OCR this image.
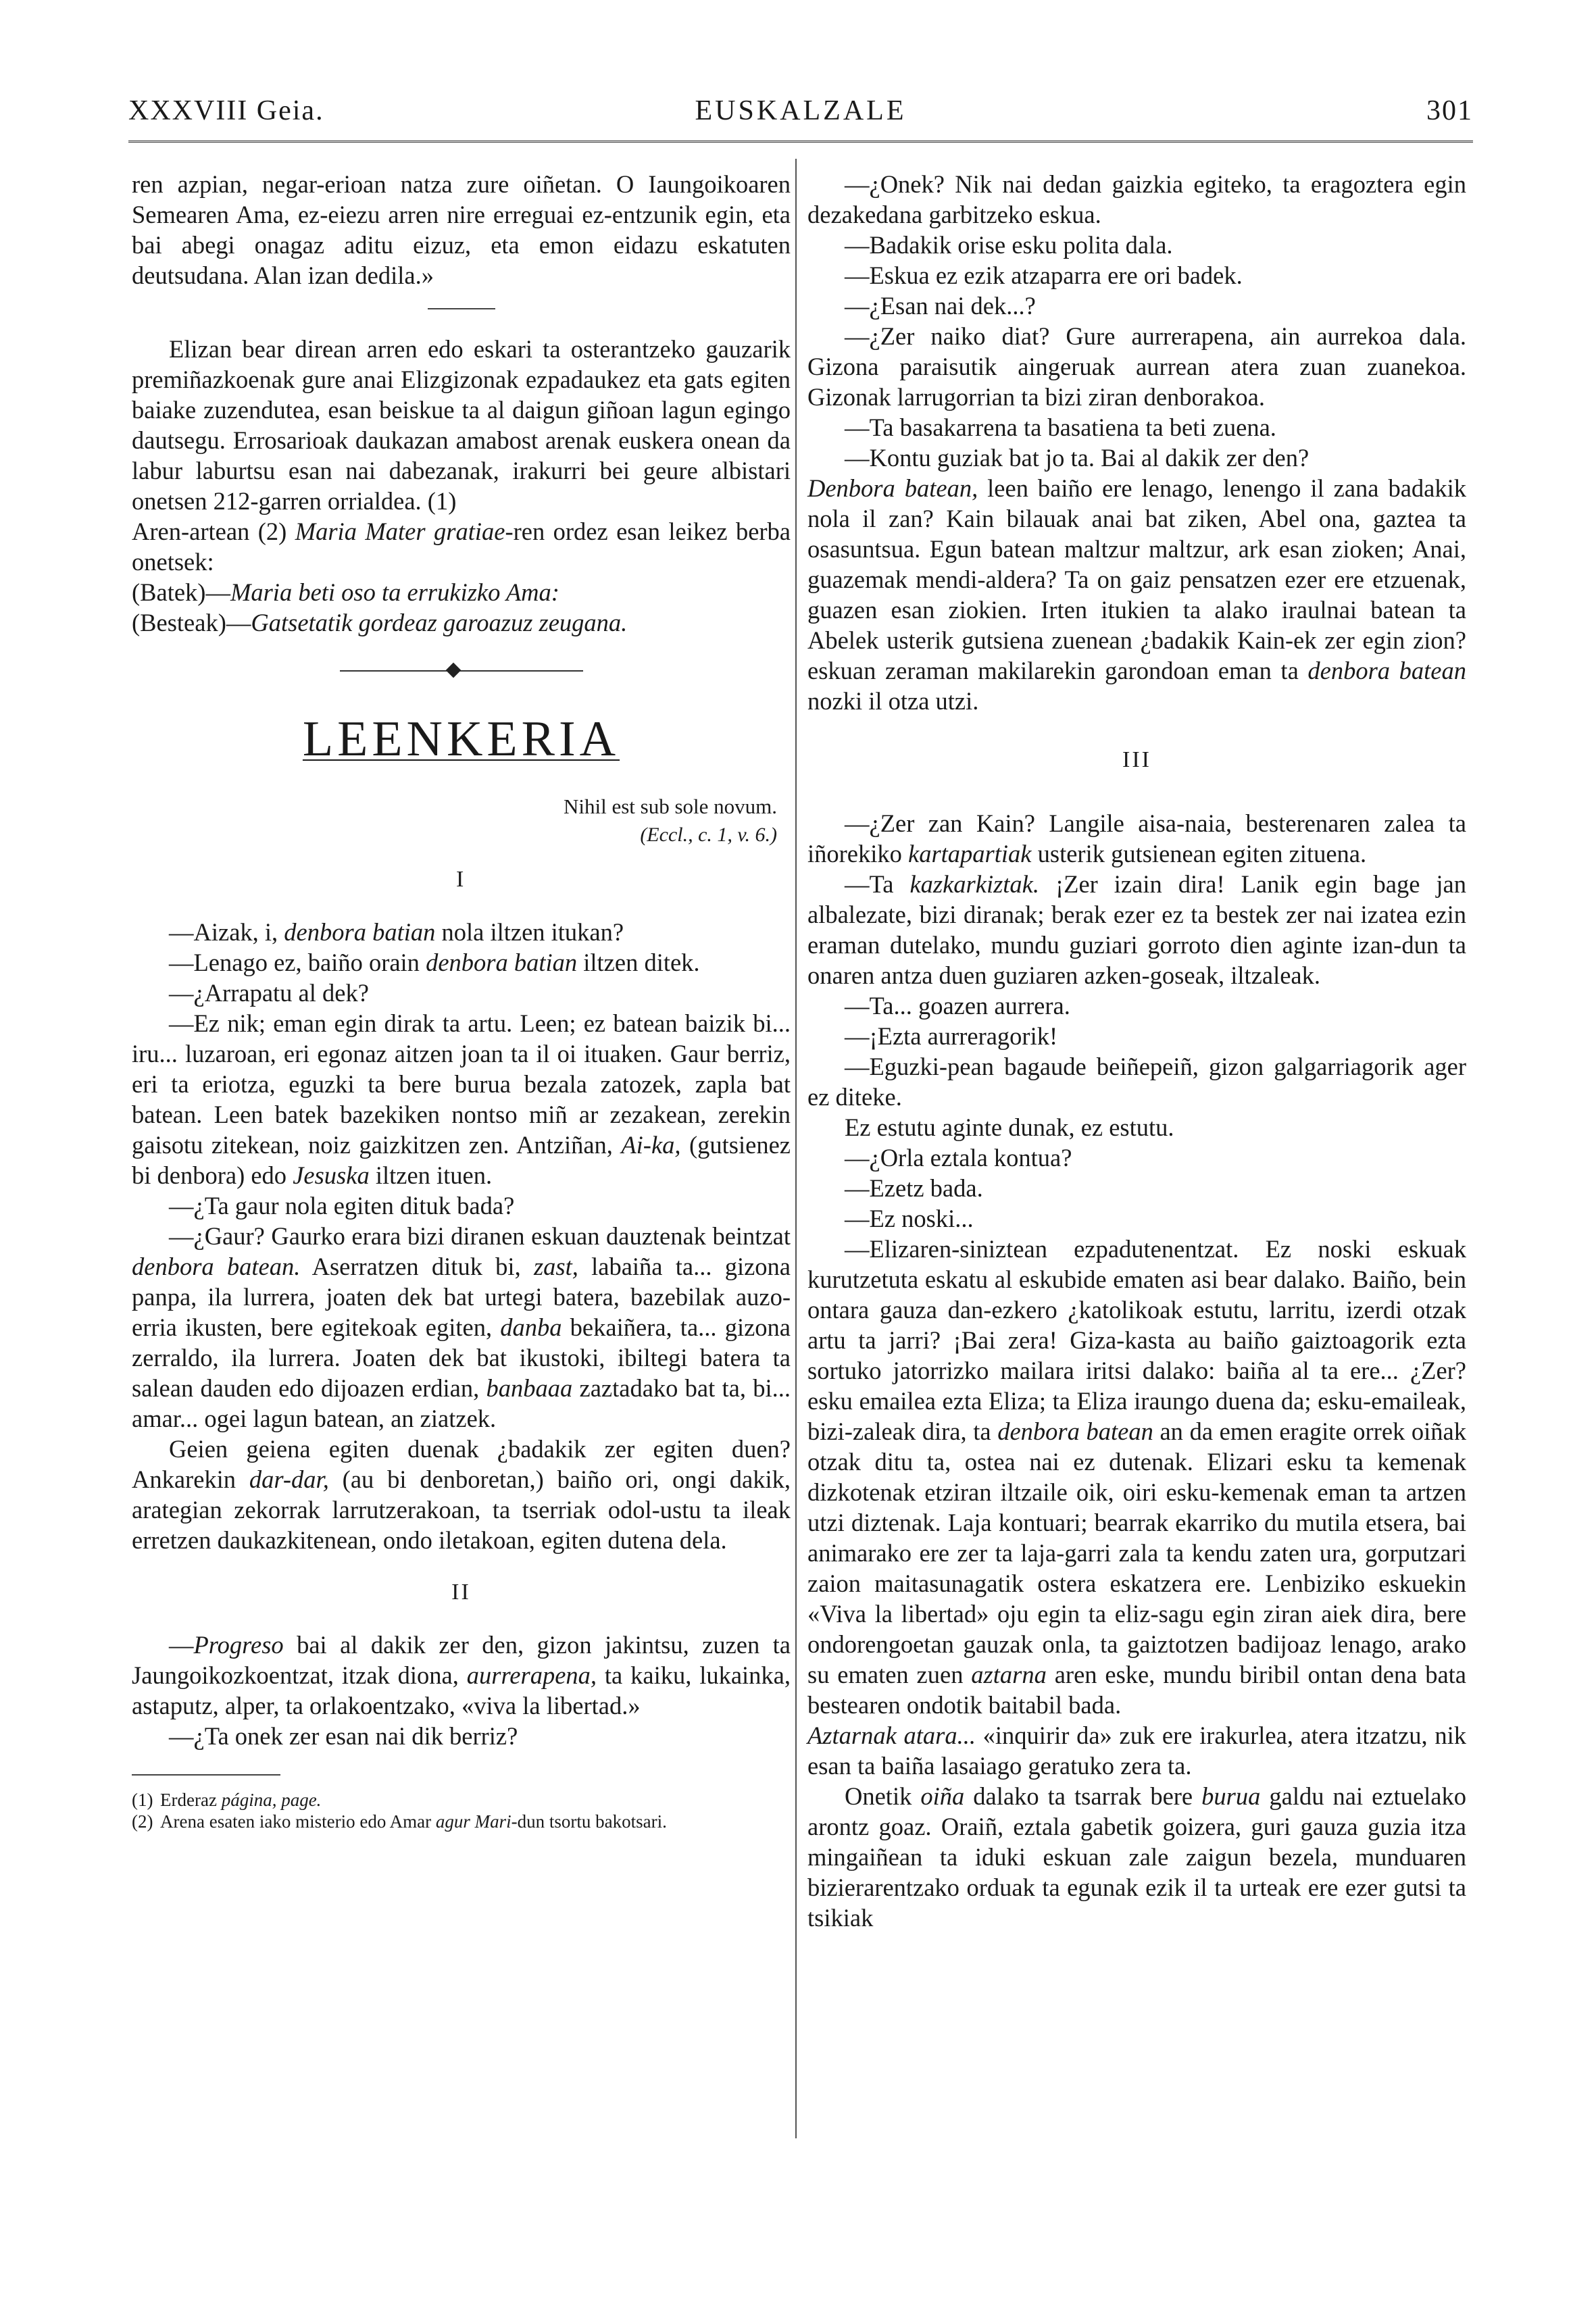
XXXVIII Geia.	EUSKALZALE	301

ren azpian, negar-erioan natza zure oiñetan. O Iaungoikoaren Semearen Ama, ez-eiezu arren nire erreguai ez-entzunik egin, eta bai abegi onagaz aditu eizuz, eta emon eidazu eskatuten deutsudana. Alan izan dedila.»

Elizan bear direan arren edo eskari ta osterantzeko gauzarik premiñazkoenak gure anai Elizgizonak ezpadaukez eta gats egiten baiake zuzendutea, esan beiskue ta al daigun giñoan lagun egingo dautsegu. Errosarioak daukazan amabost arenak euskera onean da labur laburtsu esan nai dabezanak, irakurri bei geure albistari onetsen 212-garren orrialdea. (1)

Aren-artean (2) Maria Mater gratiae-ren ordez esan leikez berba onetsek:

(Batek)—Maria beti oso ta errukizko Ama:

(Besteak)—Gatsetatik gordeaz garoazuz zeugana.

LEENKERIA
Nihil est sub sole novum.
(Eccl., c. 1, v. 6.)
I

—Aizak, i, denbora batian nola iltzen itukan?

—Lenago ez, baiño orain denbora batian iltzen ditek.

—¿Arrapatu al dek?

—Ez nik; eman egin dirak ta artu. Leen; ez batean baizik bi... iru... luzaroan, eri egonaz aitzen joan ta il oi ituaken. Gaur berriz, eri ta eriotza, eguzki ta bere burua bezala zatozek, zapla bat batean. Leen batek bazekiken nontso miñ ar zezakean, zerekin gaisotu zitekean, noiz gaizkitzen zen. Antziñan, Ai-ka, (gutsienez bi denbora) edo Jesuska iltzen ituen.

—¿Ta gaur nola egiten dituk bada?

—¿Gaur? Gaurko erara bizi diranen eskuan dauztenak beintzat denbora batean. Aserratzen dituk bi, zast, labaiña ta... gizona panpa, ila lurrera, joaten dek bat urtegi batera, bazebilak auzo-erria ikusten, bere egitekoak egiten, danba bekaiñera, ta... gizona zerraldo, ila lurrera. Joaten dek bat ikustoki, ibiltegi batera ta salean dauden edo dijoazen erdian, banbaaa zaztadako bat ta, bi... amar... ogei lagun batean, an ziatzek.

Geien geiena egiten duenak ¿badakik zer egiten duen? Ankarekin dar-dar, (au bi denboretan,) baiño ori, ongi dakik, arategian zekorrak larrutzerakoan, ta tserriak odol-ustu ta ileak erretzen daukazkitenean, ondo iletakoan, egiten dutena dela.

II

—Progreso bai al dakik zer den, gizon jakintsu, zuzen ta Jaungoikozkoentzat, itzak diona, aurrerapena, ta kaiku, lukainka, astaputz, alper, ta orlakoentzako, «viva la libertad.»

—¿Ta onek zer esan nai dik berriz?

(1) Erderaz página, page.

(2) Arena esaten iako misterio edo Amar agur Mari-dun tsortu bakotsari.

—¿Onek? Nik nai dedan gaizkia egiteko, ta eragoztera egin dezakedana garbitzeko eskua.

—Badakik orise esku polita dala.

—Eskua ez ezik atzaparra ere ori badek.

—¿Esan nai dek...?

—¿Zer naiko diat? Gure aurrerapena, ain aurrekoa dala. Gizona paraisutik aingeruak aurrean atera zuan zuanekoa. Gizonak larrugorrian ta bizi ziran denborakoa.

—Ta basakarrena ta basatiena ta beti zuena.

—Kontu guziak bat jo ta. Bai al dakik zer den?

Denbora batean, leen baiño ere lenago, lenengo il zana badakik nola il zan? Kain bilauak anai bat ziken, Abel ona, gaztea ta osasuntsua. Egun batean maltzur maltzur, ark esan zioken; Anai, guazemak mendi-aldera? Ta on gaiz pensatzen ezer ere etzuenak, guazen esan ziokien. Irten itukien ta alako iraulnai batean ta Abelek usterik gutsiena zuenean ¿badakik Kain-ek zer egin zion? eskuan zeraman makilarekin garondoan eman ta denbora batean nozki il otza utzi.

III

—¿Zer zan Kain? Langile aisa-naia, besterenaren zalea ta iñorekiko kartapartiak usterik gutsienean egiten zituena.

—Ta kazkarkiztak. ¡Zer izain dira! Lanik egin bage jan albalezate, bizi diranak; berak ezer ez ta bestek zer nai izatea ezin eraman dutelako, mundu guziari gorroto dien aginte izan-dun ta onaren antza duen guziaren azken-goseak, iltzaleak.

—Ta... goazen aurrera.

—¡Ezta aurreragorik!

—Eguzki-pean bagaude beiñepeiñ, gizon galgarriagorik ager ez diteke.

Ez estutu aginte dunak, ez estutu.

—¿Orla eztala kontua?

—Ezetz bada.

—Ez noski...

—Elizaren-siniztean ezpadutenentzat. Ez noski eskuak kurutzetuta eskatu al eskubide ematen asi bear dalako. Baiño, bein ontara gauza dan-ezkero ¿katolikoak estutu, larritu, izerdi otzak artu ta jarri? ¡Bai zera! Giza-kasta au baiño gaiztoagorik ezta sortuko jatorrizko mailara iritsi dalako: baiña al ta ere... ¿Zer? esku emailea ezta Eliza; ta Eliza iraungo duena da; esku-emaileak, bizi-zaleak dira, ta denbora batean an da emen eragite orrek oiñak otzak ditu ta, ostea nai ez dutenak. Elizari esku ta kemenak dizkotenak etziran iltzaile oik, oiri esku-kemenak eman ta artzen utzi diztenak. Laja kontuari; bearrak ekarriko du mutila etsera, bai animarako ere zer ta laja-garri zala ta kendu zaten ura, gorputzari zaion maitasunagatik ostera eskatzera ere. Lenbiziko eskuekin «Viva la libertad» oju egin ta eliz-sagu egin ziran aiek dira, bere ondorengoetan gauzak onla, ta gaiztotzen badijoaz lenago, arako su ematen zuen aztarna aren eske, mundu biribil ontan dena bata bestearen ondotik baitabil bada.

Aztarnak atara... «inquirir da» zuk ere irakurlea, atera itzatzu, nik esan ta baiña lasaiago geratuko zera ta.

Onetik oiña dalako ta tsarrak bere burua galdu nai eztuelako arontz goaz. Oraiñ, eztala gabetik goizera, guri gauza guzia itza mingaiñean ta iduki eskuan zale zaigun bezela, munduaren bizierarentzako orduak ta egunak ezik il ta urteak ere ezer gutsi ta tsikiak
